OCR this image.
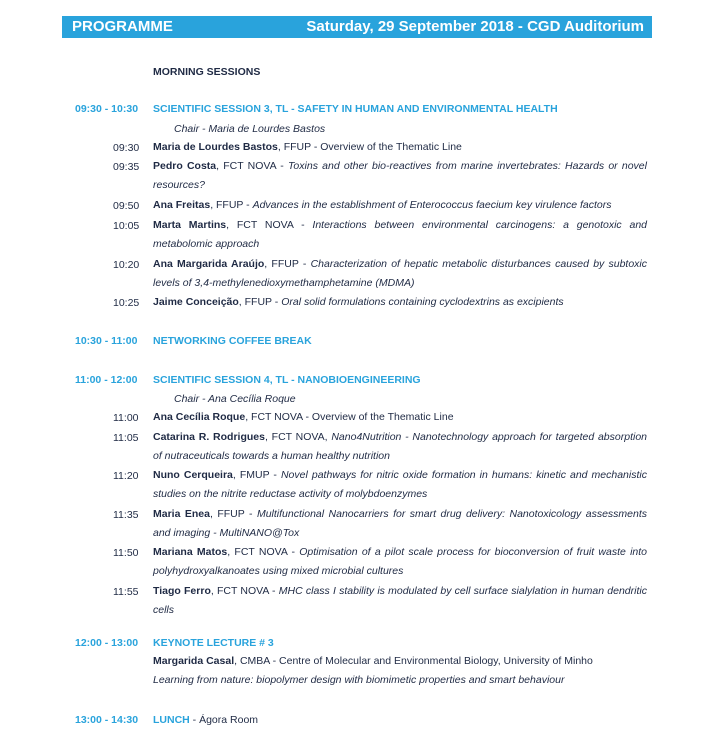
PROGRAMME	Saturday, 29 September 2018 - CGD Auditorium
MORNING SESSIONS
09:30 - 10:30	SCIENTIFIC SESSION 3, TL - SAFETY IN HUMAN AND ENVIRONMENTAL HEALTH
Chair - Maria de Lourdes Bastos
09:30	Maria de Lourdes Bastos, FFUP - Overview of the Thematic Line
09:35	Pedro Costa, FCT NOVA - Toxins and other bio-reactives from marine invertebrates: Hazards or novel resources?
09:50	Ana Freitas, FFUP - Advances in the establishment of Enterococcus faecium key virulence factors
10:05	Marta Martins, FCT NOVA - Interactions between environmental carcinogens: a genotoxic and metabolomic approach
10:20	Ana Margarida Araújo, FFUP - Characterization of hepatic metabolic disturbances caused by subtoxic levels of 3,4-methylenedioxymethamphetamine (MDMA)
10:25	Jaime Conceição, FFUP - Oral solid formulations containing cyclodextrins as excipients
10:30 - 11:00	NETWORKING COFFEE BREAK
11:00 - 12:00	SCIENTIFIC SESSION 4, TL - NANOBIOENGINEERING
Chair - Ana Cecília Roque
11:00	Ana Cecília Roque, FCT NOVA - Overview of the Thematic Line
11:05	Catarina R. Rodrigues, FCT NOVA, Nano4Nutrition - Nanotechnology approach for targeted absorption of nutraceuticals towards a human healthy nutrition
11:20	Nuno Cerqueira, FMUP - Novel pathways for nitric oxide formation in humans: kinetic and mechanistic studies on the nitrite reductase activity of molybdoenzymes
11:35	Maria Enea, FFUP - Multifunctional Nanocarriers for smart drug delivery: Nanotoxicology assessments and imaging - MultiNANO@Tox
11:50	Mariana Matos, FCT NOVA - Optimisation of a pilot scale process for bioconversion of fruit waste into polyhydroxyalkanoates using mixed microbial cultures
11:55	Tiago Ferro, FCT NOVA - MHC class I stability is modulated by cell surface sialylation in human dendritic cells
12:00 - 13:00	KEYNOTE LECTURE # 3
Margarida Casal, CMBA - Centre of Molecular and Environmental Biology, University of Minho
Learning from nature: biopolymer design with biomimetic properties and smart behaviour
13:00 - 14:30	LUNCH - Ágora Room
